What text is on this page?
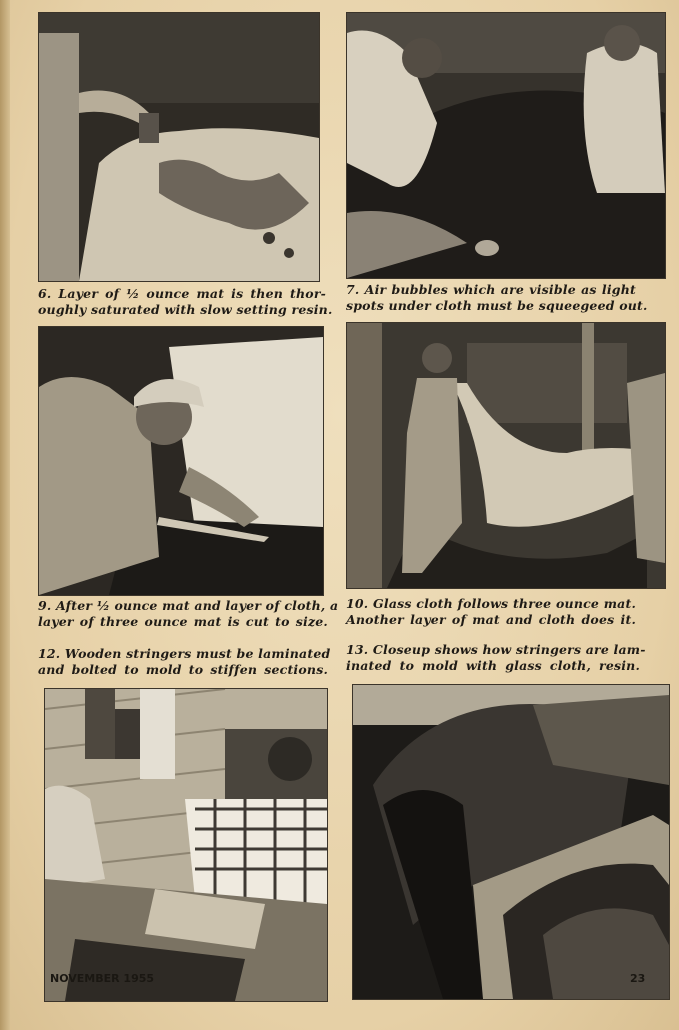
6. Layer of ½ ounce mat is then thor-
oughly saturated with slow setting resin.
7. Air bubbles which are visible as light
spots under cloth must be squeegeed out.
9. After ½ ounce mat and layer of cloth, a
layer of three ounce mat is cut to size.
10. Glass cloth follows three ounce mat.
Another layer of mat and cloth does it.
12. Wooden stringers must be laminated
and bolted to mold to stiffen sections.
13. Closeup shows how stringers are lam-
inated to mold with glass cloth, resin.
NOVEMBER 1955	23
